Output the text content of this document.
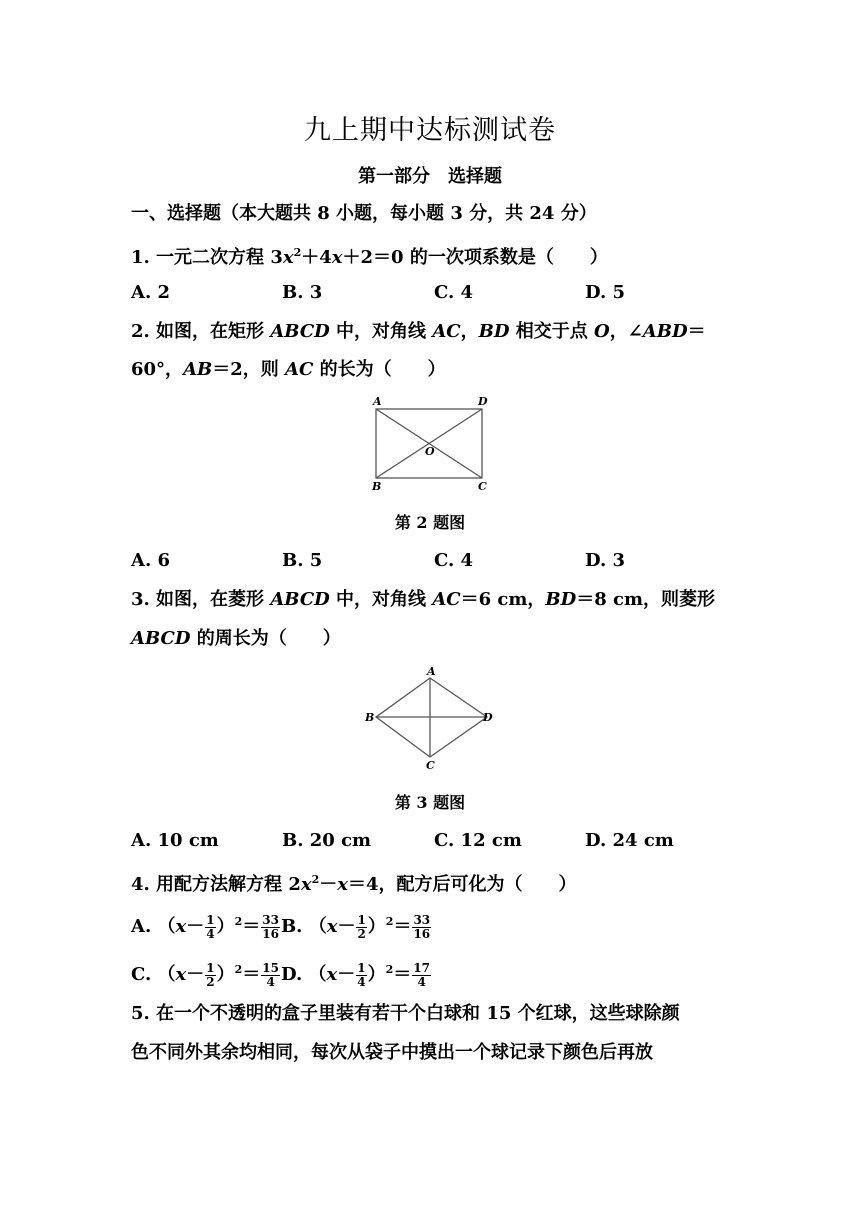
九上期中达标测试卷
第一部分　选择题
一、选择题（本大题共 8 小题，每小题 3 分，共 24 分）
1. 一元二次方程 $3x^2+4x+2=0$ 的一次项系数是（　　）
A. 2	B. 3	C. 4	D. 5
2. 如图，在矩形 ABCD 中，对角线 AC，BD 相交于点 O，∠ABD＝
60°，AB＝2，则 AC 的长为（　　）
A	D
B	C
O
第 2 题图
A. 6	B. 5	C. 4	D. 3
3. 如图，在菱形 ABCD 中，对角线 AC＝6 cm，BD＝8 cm，则菱形
ABCD 的周长为（　　）
A
B	D
C
第 3 题图
A. 10 cm	B. 20 cm	C. 12 cm	D. 24 cm
4. 用配方法解方程 $2x^2-x=4$，配方后可化为（　　）
A. $(x- \frac{1}{4} )^2= \frac{33}{16} B$. $(x- \frac{1}{2} )^2= \frac{33}{16}$
C. $(x- \frac{1}{2} )^2= \frac{15}{4} D$. $(x- \frac{1}{4} )^2= \frac{17}{4}$
5. 在一个不透明的盒子里装有若干个白球和 15 个红球，这些球除颜
色不同外其余均相同，每次从袋子中摸出一个球记录下颜色后再放
